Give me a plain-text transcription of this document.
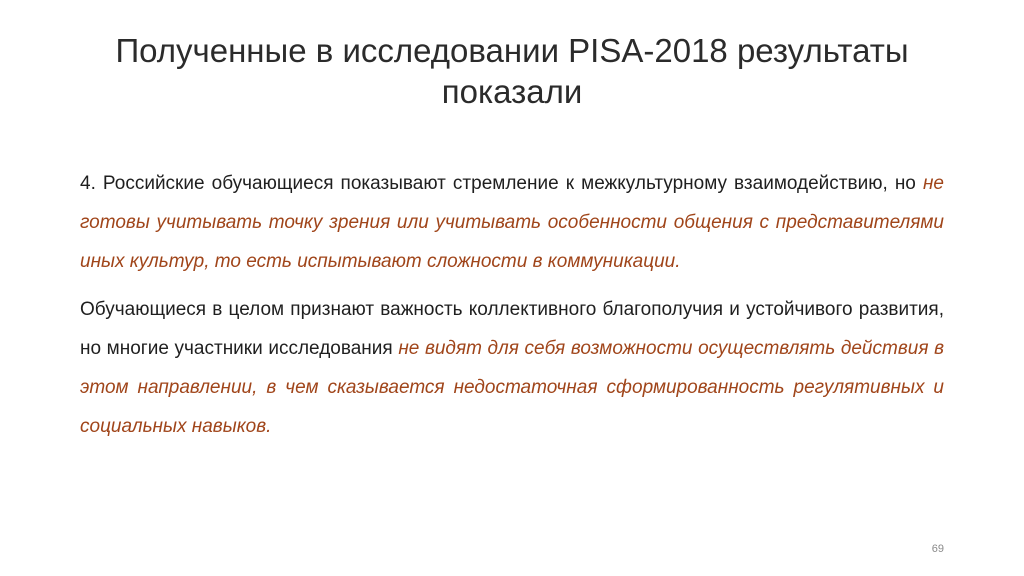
Полученные в исследовании PISA-2018 результаты показали

4. Российские обучающиеся показывают стремление к межкультурному взаимодействию, но не готовы учитывать точку зрения или учитывать особенности общения с представителями иных культур, то есть испытывают сложности в коммуникации.

Обучающиеся в целом признают важность коллективного благополучия и устойчивого развития, но многие участники исследования не видят для себя возможности осуществлять действия в этом направлении, в чем сказывается недостаточная сформированность регулятивных и социальных навыков.

69
